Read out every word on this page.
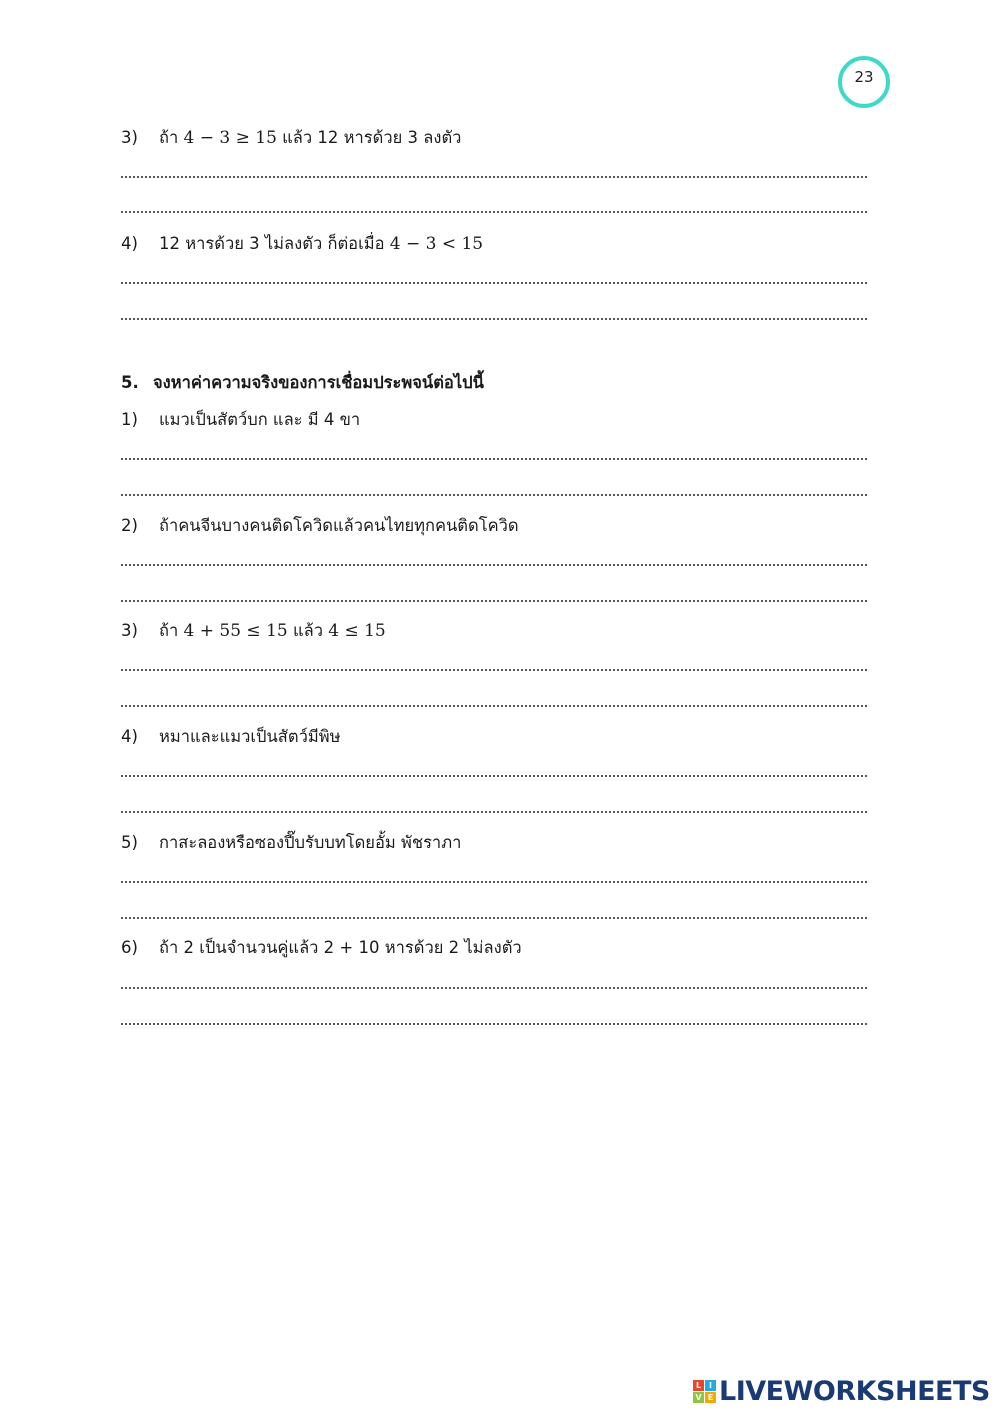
23
3) ถ้า 4 − 3 ≥ 15 แล้ว 12 หารด้วย 3 ลงตัว
4) 12 หารด้วย 3 ไม่ลงตัว ก็ต่อเมื่อ 4 − 3 < 15
5. จงหาค่าความจริงของการเชื่อมประพจน์ต่อไปนี้
1) แมวเป็นสัตว์บก และ มี 4 ขา
2) ถ้าคนจีนบางคนติดโควิดแล้วคนไทยทุกคนติดโควิด
3) ถ้า 4 + 55 ≤ 15 แล้ว 4 ≤ 15
4) หมาและแมวเป็นสัตว์มีพิษ
5) กาสะลองหรือซองปี๊บรับบทโดยอั้ม พัชราภา
6) ถ้า 2 เป็นจำนวนคู่แล้ว 2 + 10 หารด้วย 2 ไม่ลงตัว
L I
V E LIVEWORKSHEETS
